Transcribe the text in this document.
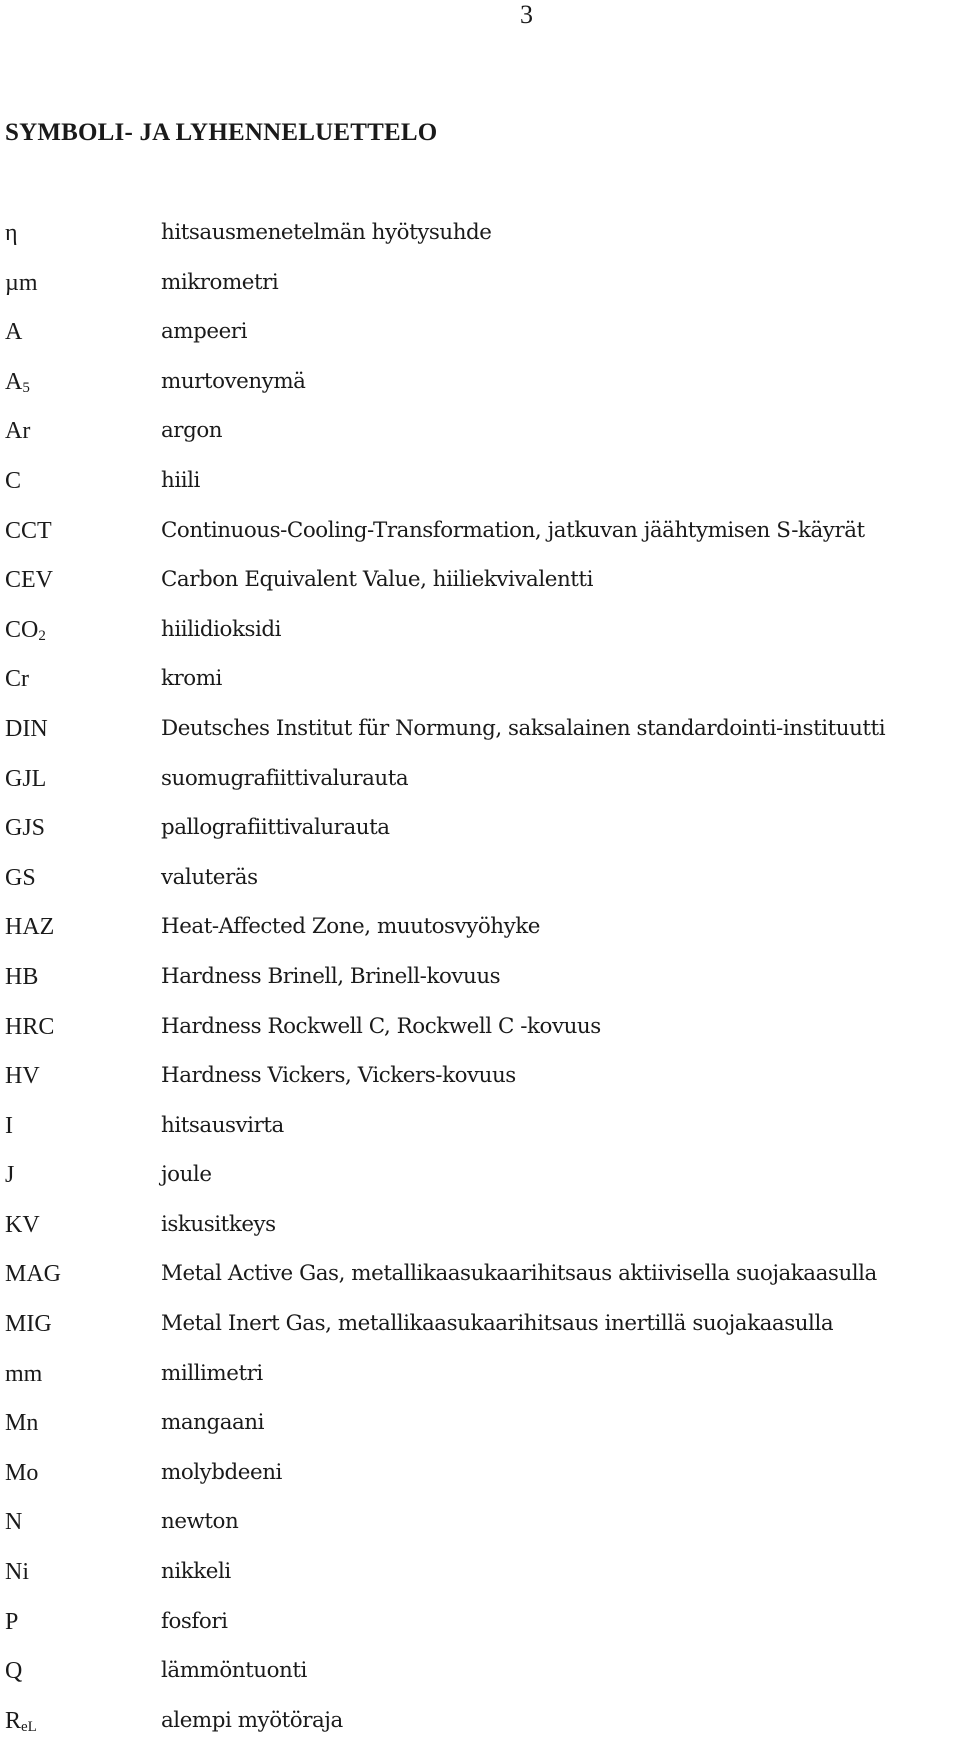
3
SYMBOLI- JA LYHENNELUETTELO
η	hitsausmenetelmän hyötysuhde
µm	mikrometri
A	ampeeri
$A_5$	murtovenymä
Ar	argon
C	hiili
CCT	Continuous-Cooling-Transformation, jatkuvan jäähtymisen S-käyrät
CEV	Carbon Equivalent Value, hiiliekvivalentti
$CO_2$	hiilidioksidi
Cr	kromi
DIN	Deutsches Institut für Normung, saksalainen standardointi-instituutti
GJL	suomugrafiittivalurauta
GJS	pallografiittivalurauta
GS	valuteräs
HAZ	Heat-Affected Zone, muutosvyöhyke
HB	Hardness Brinell, Brinell-kovuus
HRC	Hardness Rockwell C, Rockwell C -kovuus
HV	Hardness Vickers, Vickers-kovuus
I	hitsausvirta
J	joule
KV	iskusitkeys
MAG	Metal Active Gas, metallikaasukaarihitsaus aktiivisella suojakaasulla
MIG	Metal Inert Gas, metallikaasukaarihitsaus inertillä suojakaasulla
mm	millimetri
Mn	mangaani
Mo	molybdeeni
N	newton
Ni	nikkeli
P	fosfori
Q	lämmöntuonti
$R_{eL}$	alempi myötöraja
